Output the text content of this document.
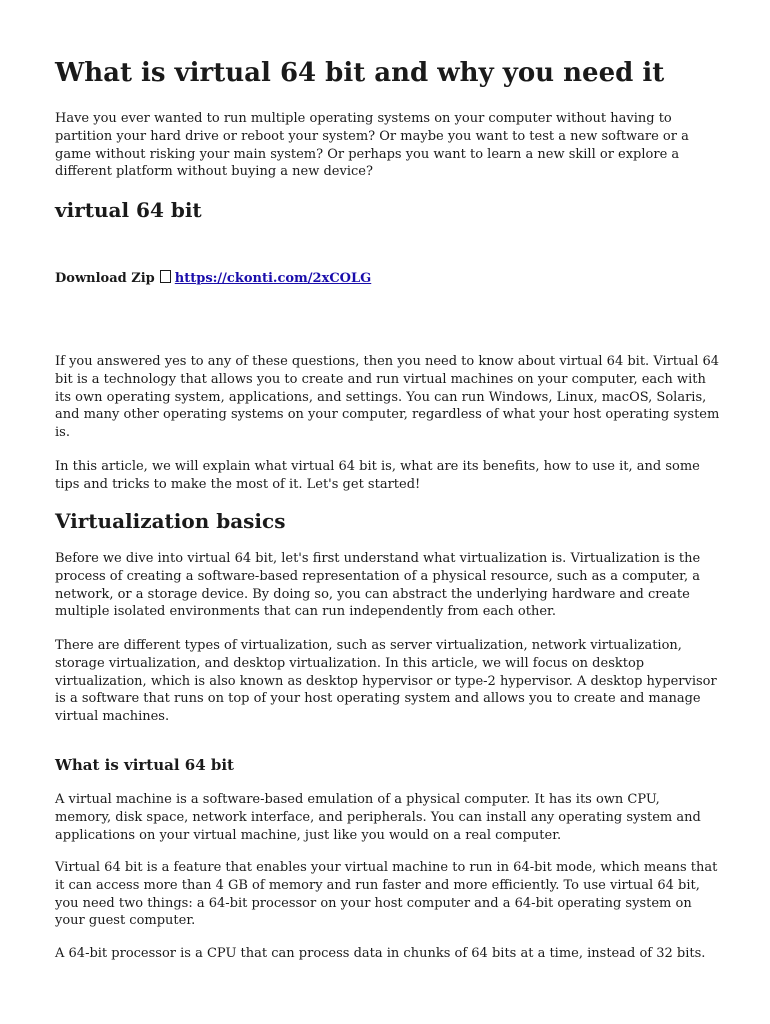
What is virtual 64 bit and why you need it

Have you ever wanted to run multiple operating systems on your computer without having to partition your hard drive or reboot your system? Or maybe you want to test a new software or a game without risking your main system? Or perhaps you want to learn a new skill or explore a different platform without buying a new device?

virtual 64 bit
Download Zip https://ckonti.com/2xCOLG

If you answered yes to any of these questions, then you need to know about virtual 64 bit. Virtual 64 bit is a technology that allows you to create and run virtual machines on your computer, each with its own operating system, applications, and settings. You can run Windows, Linux, macOS, Solaris, and many other operating systems on your computer, regardless of what your host operating system is.

In this article, we will explain what virtual 64 bit is, what are its benefits, how to use it, and some tips and tricks to make the most of it. Let's get started!

Virtualization basics

Before we dive into virtual 64 bit, let's first understand what virtualization is. Virtualization is the process of creating a software-based representation of a physical resource, such as a computer, a network, or a storage device. By doing so, you can abstract the underlying hardware and create multiple isolated environments that can run independently from each other.

There are different types of virtualization, such as server virtualization, network virtualization, storage virtualization, and desktop virtualization. In this article, we will focus on desktop virtualization, which is also known as desktop hypervisor or type-2 hypervisor. A desktop hypervisor is a software that runs on top of your host operating system and allows you to create and manage virtual machines.

What is virtual 64 bit

A virtual machine is a software-based emulation of a physical computer. It has its own CPU, memory, disk space, network interface, and peripherals. You can install any operating system and applications on your virtual machine, just like you would on a real computer.

Virtual 64 bit is a feature that enables your virtual machine to run in 64-bit mode, which means that it can access more than 4 GB of memory and run faster and more efficiently. To use virtual 64 bit, you need two things: a 64-bit processor on your host computer and a 64-bit operating system on your guest computer.

A 64-bit processor is a CPU that can process data in chunks of 64 bits at a time, instead of 32 bits.
